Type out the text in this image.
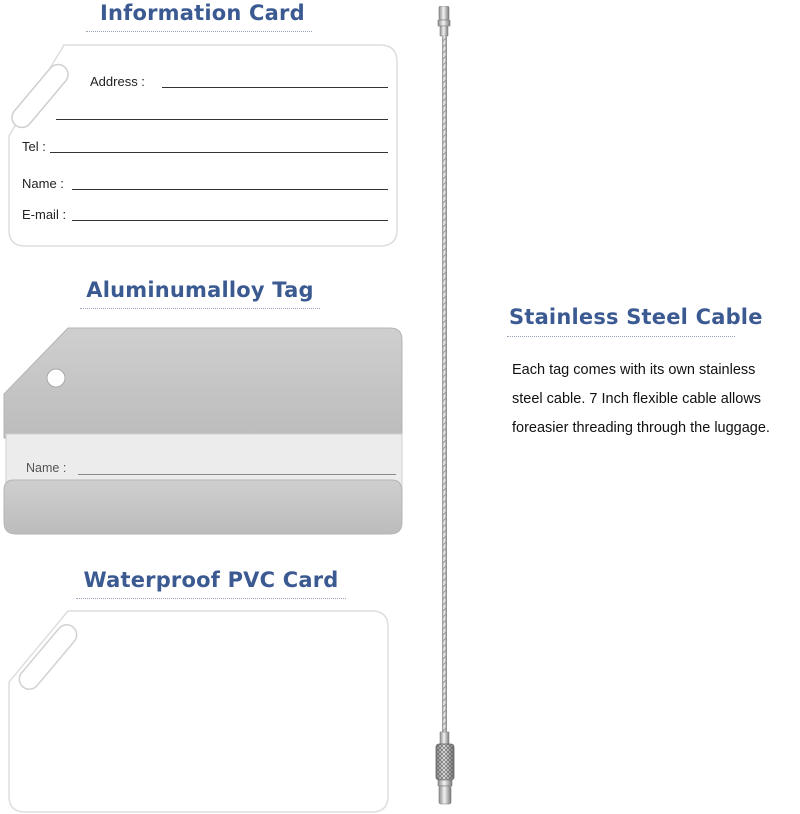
Information Card
Address :
Tel :
Name :
E-mail :
Aluminumalloy Tag
Name :
Waterproof PVC Card
Stainless Steel Cable
Each tag comes with its own stainless
steel cable. 7 Inch flexible cable allows
foreasier threading through the luggage.
